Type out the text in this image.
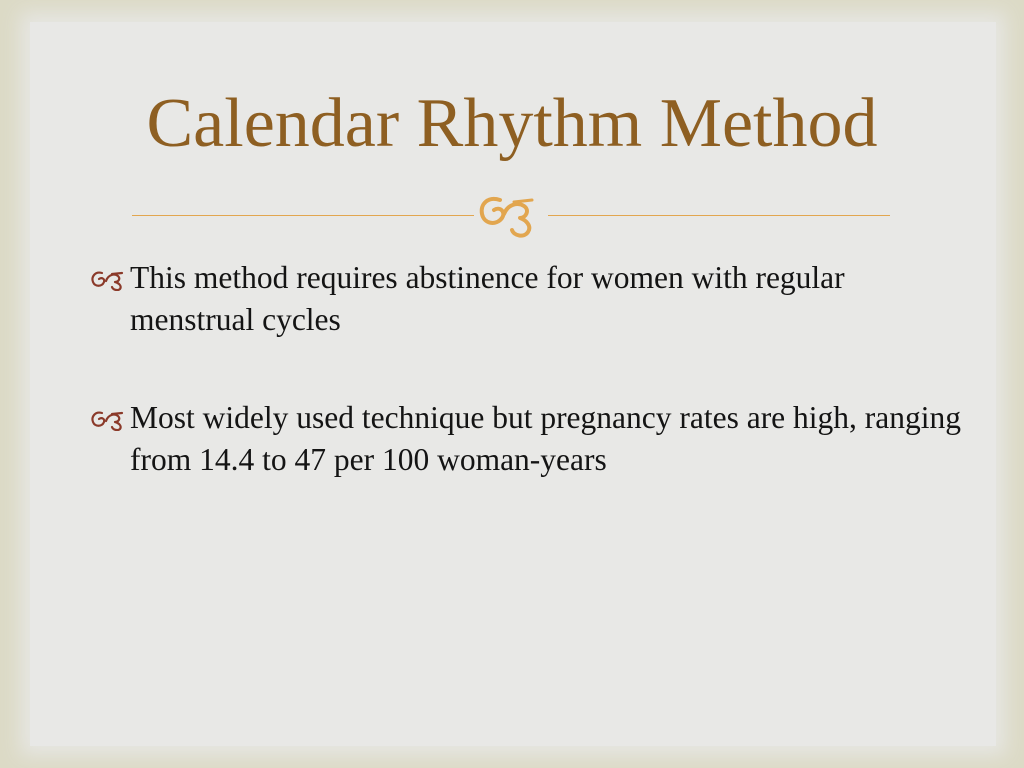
Calendar Rhythm Method
This method requires abstinence for women with regular menstrual cycles
Most widely used technique but pregnancy rates are high, ranging from 14.4 to 47 per 100 woman-years
